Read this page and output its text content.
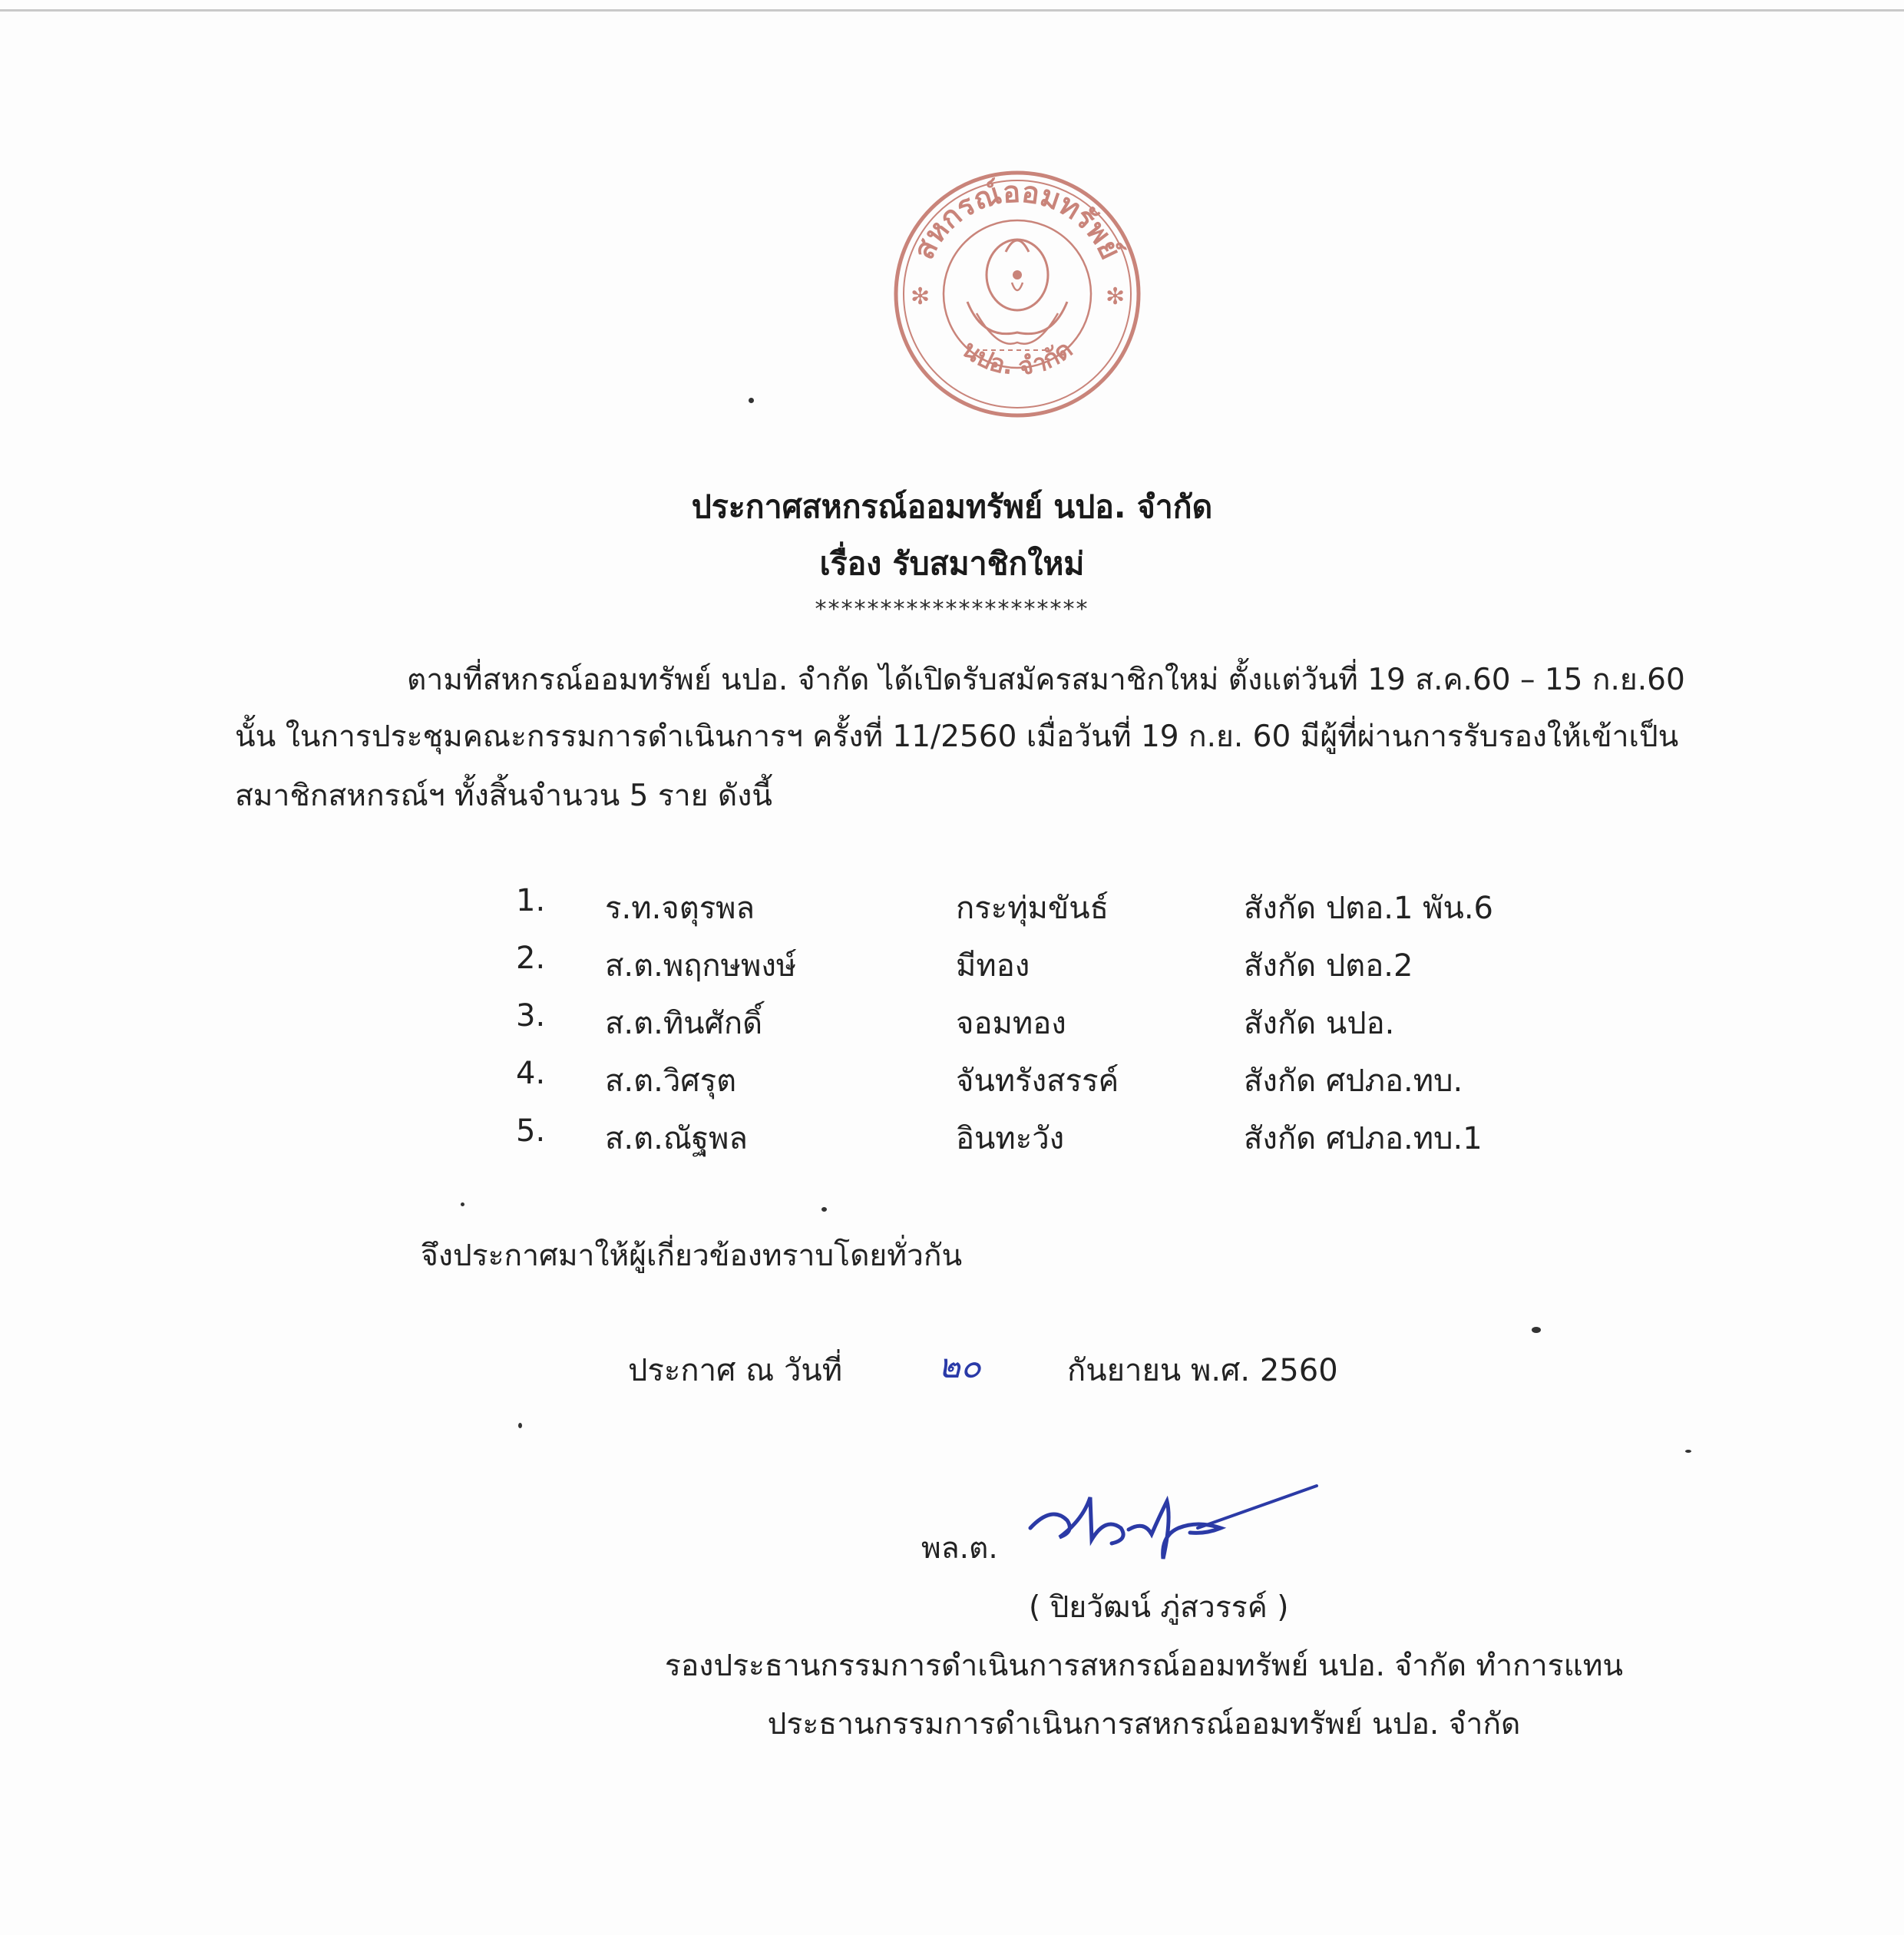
สหกรณ์ออมทรัพย์
นปอ. จำกัด
✻	✻
ประกาศสหกรณ์ออมทรัพย์ นปอ. จำกัด
เรื่อง รับสมาชิกใหม่
*********************
ตามที่สหกรณ์ออมทรัพย์ นปอ. จำกัด ได้เปิดรับสมัครสมาชิกใหม่ ตั้งแต่วันที่ 19 ส.ค.60 – 15 ก.ย.60
นั้น ในการประชุมคณะกรรมการดำเนินการฯ ครั้งที่ 11/2560 เมื่อวันที่ 19 ก.ย. 60 มีผู้ที่ผ่านการรับรองให้เข้าเป็น
สมาชิกสหกรณ์ฯ ทั้งสิ้นจำนวน 5 ราย ดังนี้
1. ร.ท.จตุรพล	กระทุ่มขันธ์	สังกัด ปตอ.1 พัน.6
2. ส.ต.พฤกษพงษ์	มีทอง	สังกัด ปตอ.2
3. ส.ต.ทินศักดิ์	จอมทอง	สังกัด นปอ.
4. ส.ต.วิศรุต	จันทรังสรรค์	สังกัด ศปภอ.ทบ.
5. ส.ต.ณัฐพล	อินทะวัง	สังกัด ศปภอ.ทบ.1
จึงประกาศมาให้ผู้เกี่ยวข้องทราบโดยทั่วกัน
ประกาศ ณ วันที่	๒๐	กันยายน พ.ศ. 2560
พล.ต.
( ปิยวัฒน์ ภู่สวรรค์ )
รองประธานกรรมการดำเนินการสหกรณ์ออมทรัพย์ นปอ. จำกัด ทำการแทน
ประธานกรรมการดำเนินการสหกรณ์ออมทรัพย์ นปอ. จำกัด
